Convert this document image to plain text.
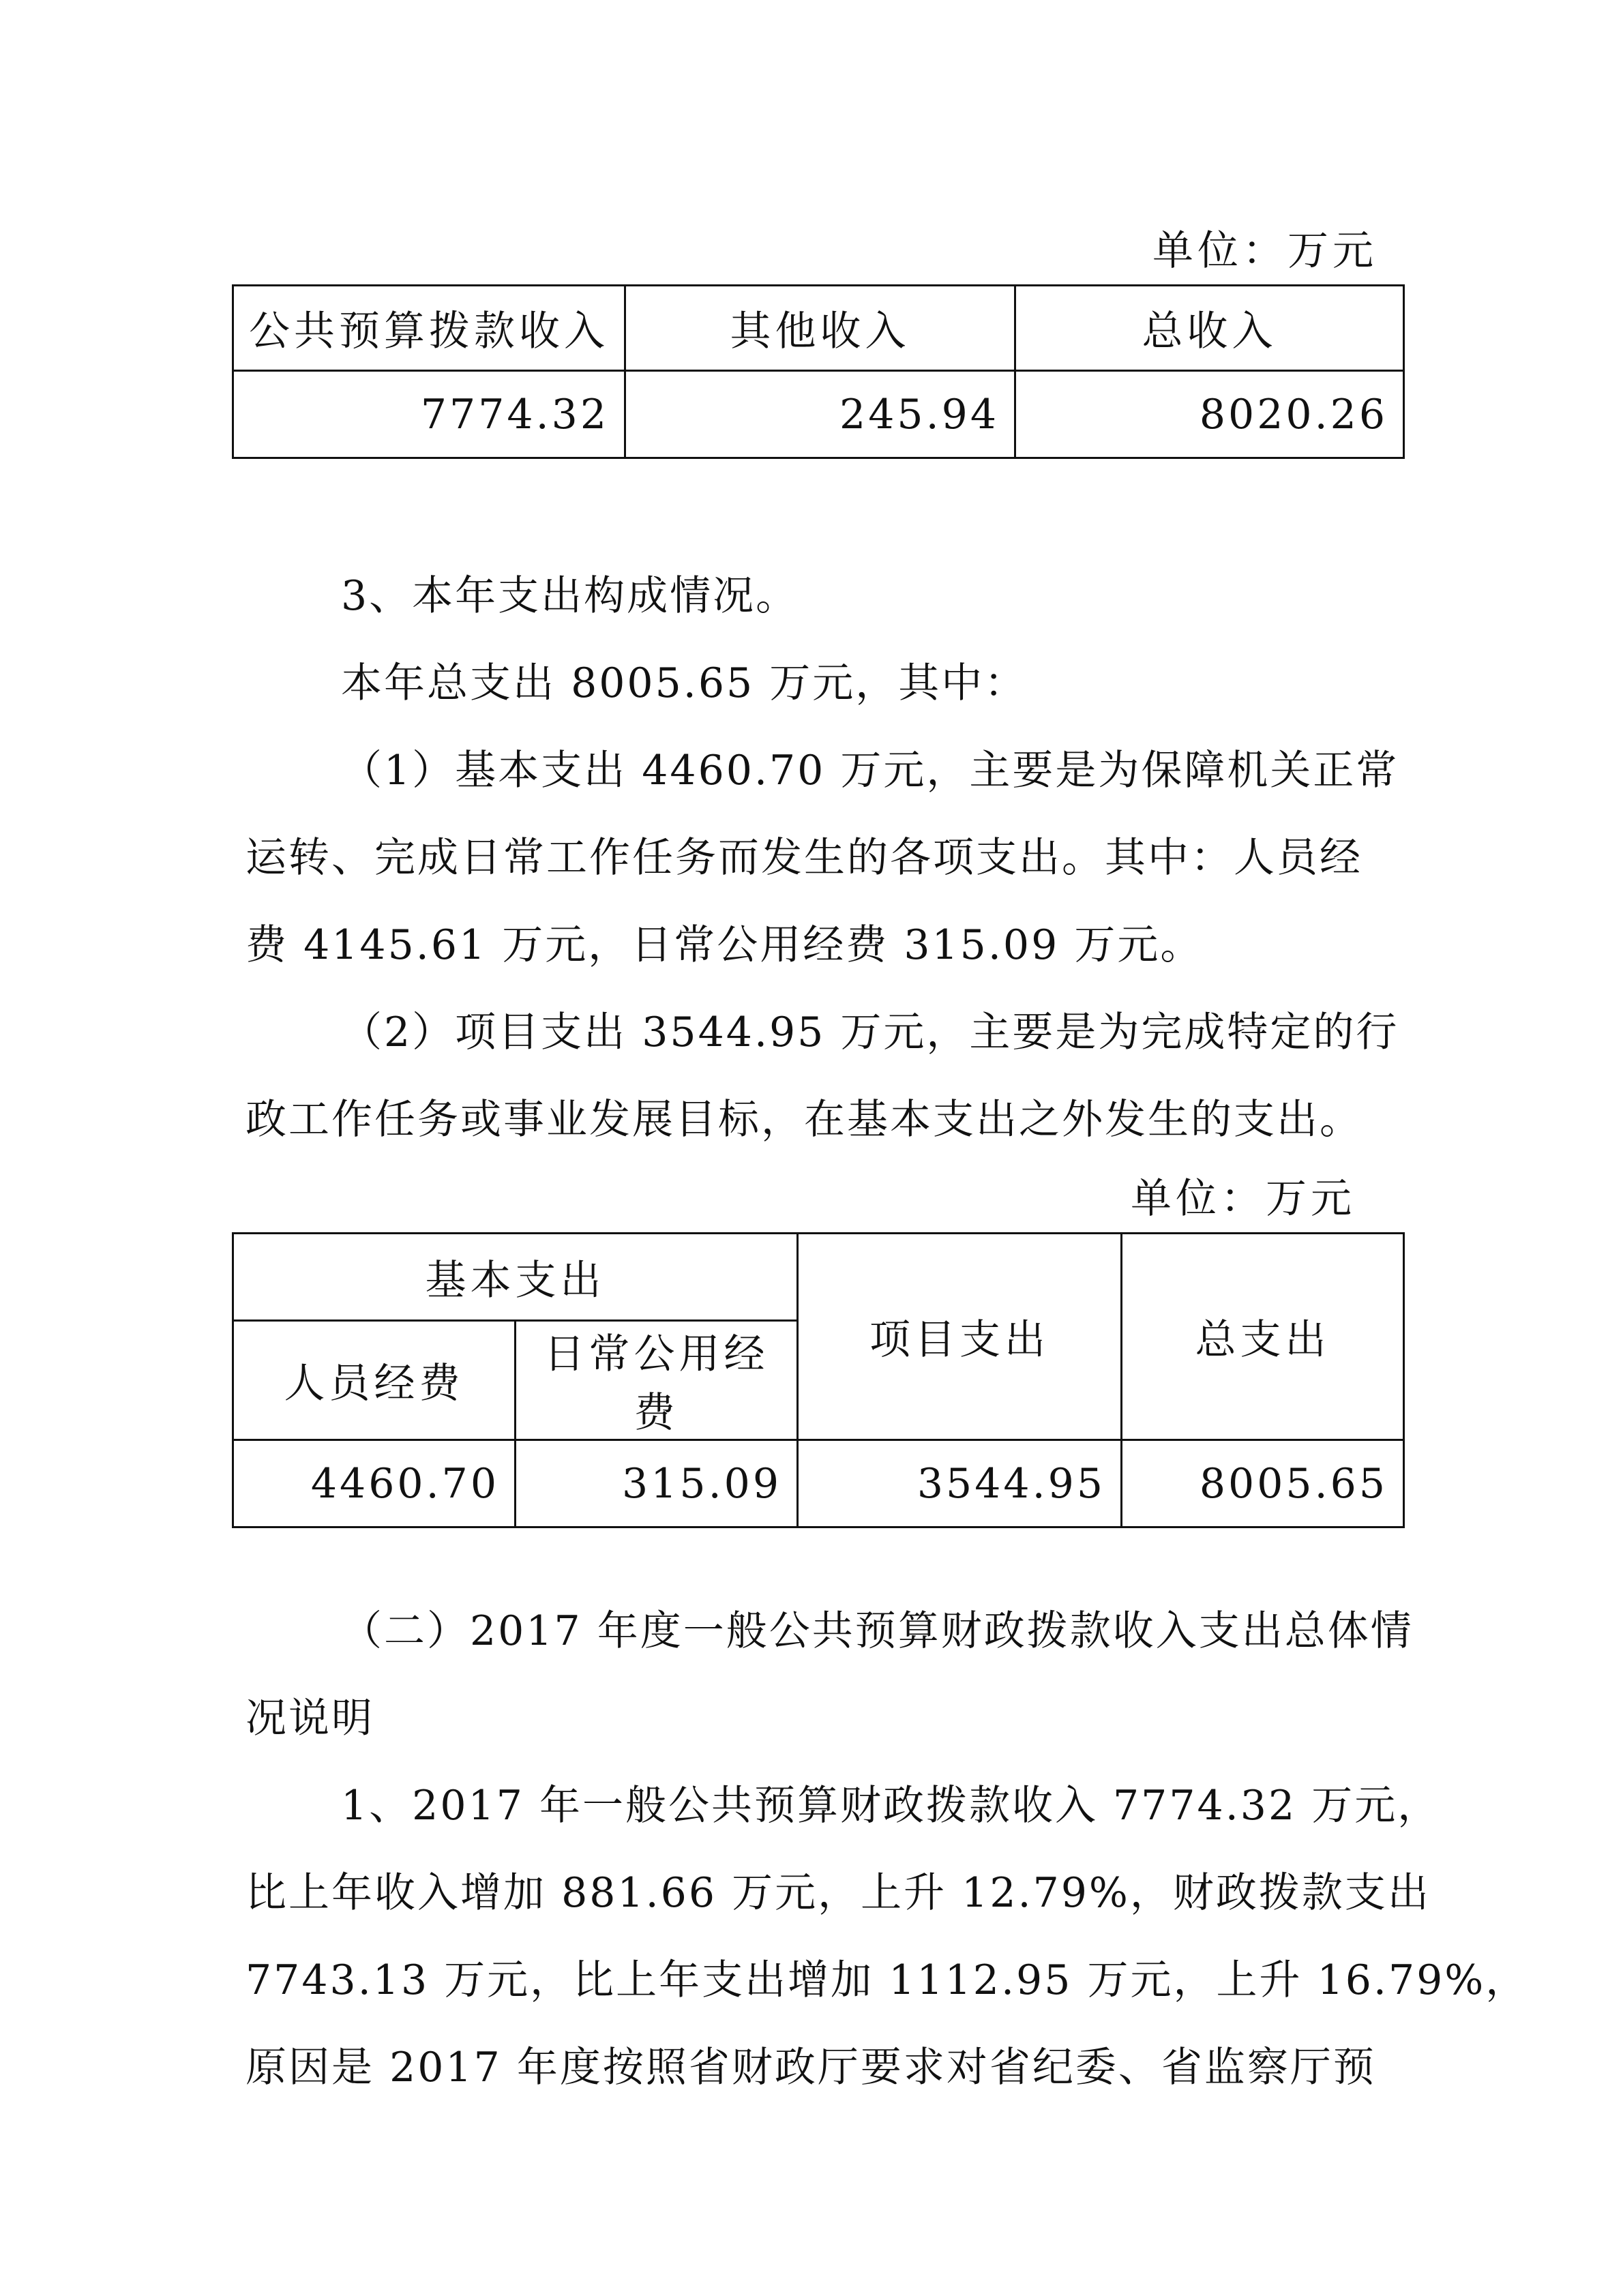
单位：万元
公共预算拨款收入	其他收入	总收入
7774.32	245.94	8020.26

3、本年支出构成情况。

本年总支出 8005.65 万元，其中：

（1）基本支出 4460.70 万元，主要是为保障机关正常

运转、完成日常工作任务而发生的各项支出。其中：人员经

费 4145.61 万元，日常公用经费 315.09 万元。

（2）项目支出 3544.95 万元，主要是为完成特定的行

政工作任务或事业发展目标，在基本支出之外发生的支出。

单位：万元
基本支出		项目支出	总支出
人员经费	日常公用经费		
4460.70	315.09	3544.95	8005.65

（二）2017 年度一般公共预算财政拨款收入支出总体情

况说明

1、2017 年一般公共预算财政拨款收入 7774.32 万元，

比上年收入增加 881.66 万元，上升 12.79%，财政拨款支出

7743.13 万元，比上年支出增加 1112.95 万元，上升 16.79%，

原因是 2017 年度按照省财政厅要求对省纪委、省监察厅预
